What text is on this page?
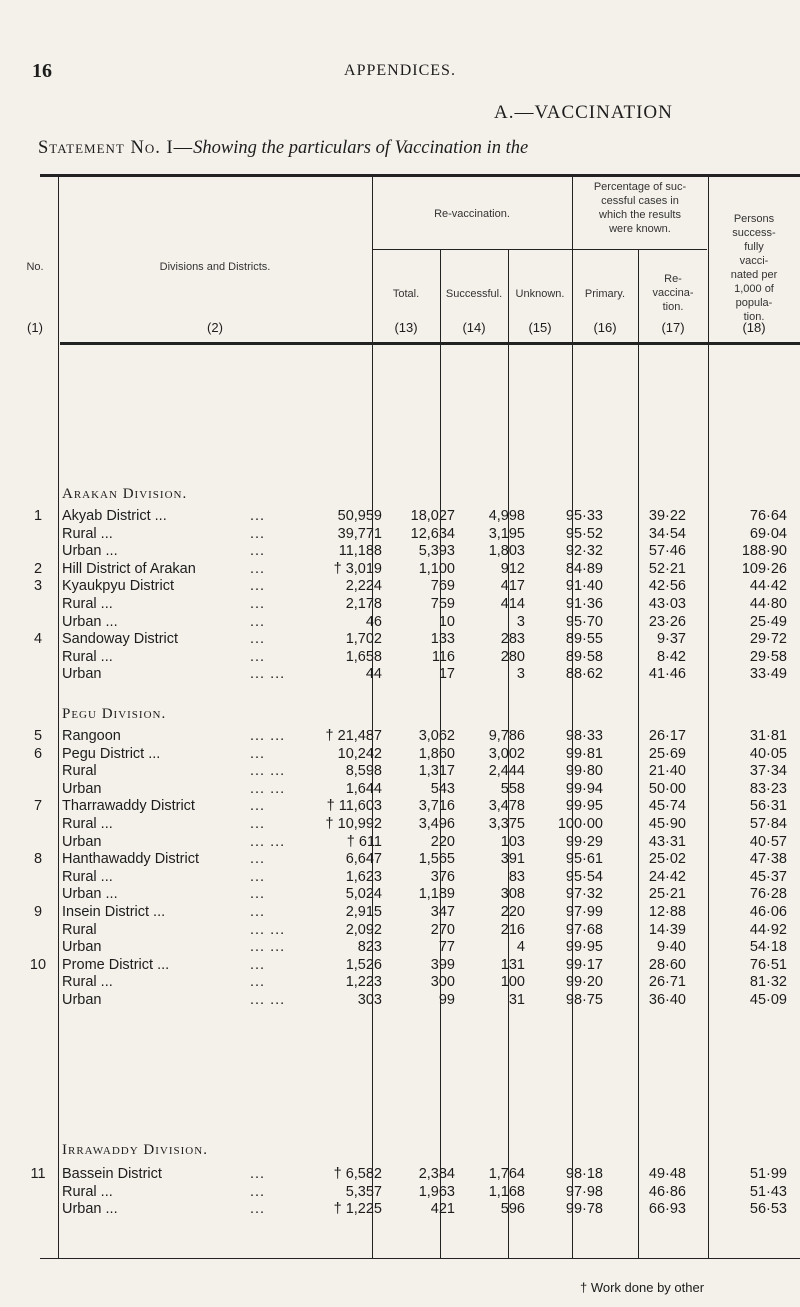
16	APPENDICES.
A.—VACCINATION
Statement No. I—Showing the particulars of Vaccination in the
No.	Divisions and Districts.
Re-vaccination.
Total.	Successful.	Unknown.
Percentage of suc-
cessful cases in
which the results
were known.
Primary.
Re-
vaccina-
tion.
Persons
success-
fully
vacci-
nated per
1,000 of
popula-
tion.
(1)	(2)	(13)	(14)	(15)	(16)	(17)	(18)
Arakan Division.
Pegu Division.
Irrawaddy Division.
1	Akyab District ...	...	50,959	18,027	4,998	95·33	39·22	76·64
Rural ...	...	39,771	12,634	3,195	95·52	34·54	69·04
Urban ...	...	11,188	5,393	1,803	92·32	57·46	188·90
2	Hill District of Arakan	...	† 3,019	1,100	912	84·89	52·21	109·26
3	Kyaukpyu District	...	2,224	769	417	91·40	42·56	44·42
Rural ...	...	2,178	759	414	91·36	43·03	44·80
Urban ...	...	46	10	3	95·70	23·26	25·49
4	Sandoway District	...	1,702	133	283	89·55	9·37	29·72
Rural ...	...	1,658	116	280	89·58	8·42	29·58
Urban	... ...	44	17	3	88·62	41·46	33·49
5	Rangoon	... ...	† 21,487	3,062	9,786	98·33	26·17	31·81
6	Pegu District ...	...	10,242	1,860	3,002	99·81	25·69	40·05
Rural	... ...	8,598	1,317	2,444	99·80	21·40	37·34
Urban	... ...	1,644	543	558	99·94	50·00	83·23
7	Tharrawaddy District	...	† 11,603	3,716	3,478	99·95	45·74	56·31
Rural ...	...	† 10,992	3,496	3,375	100·00	45·90	57·84
Urban	... ...	† 611	220	103	99·29	43·31	40·57
8	Hanthawaddy District	...	6,647	1,565	391	95·61	25·02	47·38
Rural ...	...	1,623	376	83	95·54	24·42	45·37
Urban ...	...	5,024	1,189	308	97·32	25·21	76·28
9	Insein District ...	...	2,915	347	220	97·99	12·88	46·06
Rural	... ...	2,092	270	216	97·68	14·39	44·92
Urban	... ...	823	77	4	99·95	9·40	54·18
10 Prome District ...	...	1,526	399	131	99·17	28·60	76·51
Rural ...	...	1,223	300	100	99·20	26·71	81·32
Urban	... ...	303	99	31	98·75	36·40	45·09
11 Bassein District	...	† 6,582	2,384	1,764	98·18	49·48	51·99
Rural ...	...	5,357	1,963	1,168	97·98	46·86	51·43
Urban ...	...	† 1,225	421	596	99·78	66·93	56·53
† Work done by other
